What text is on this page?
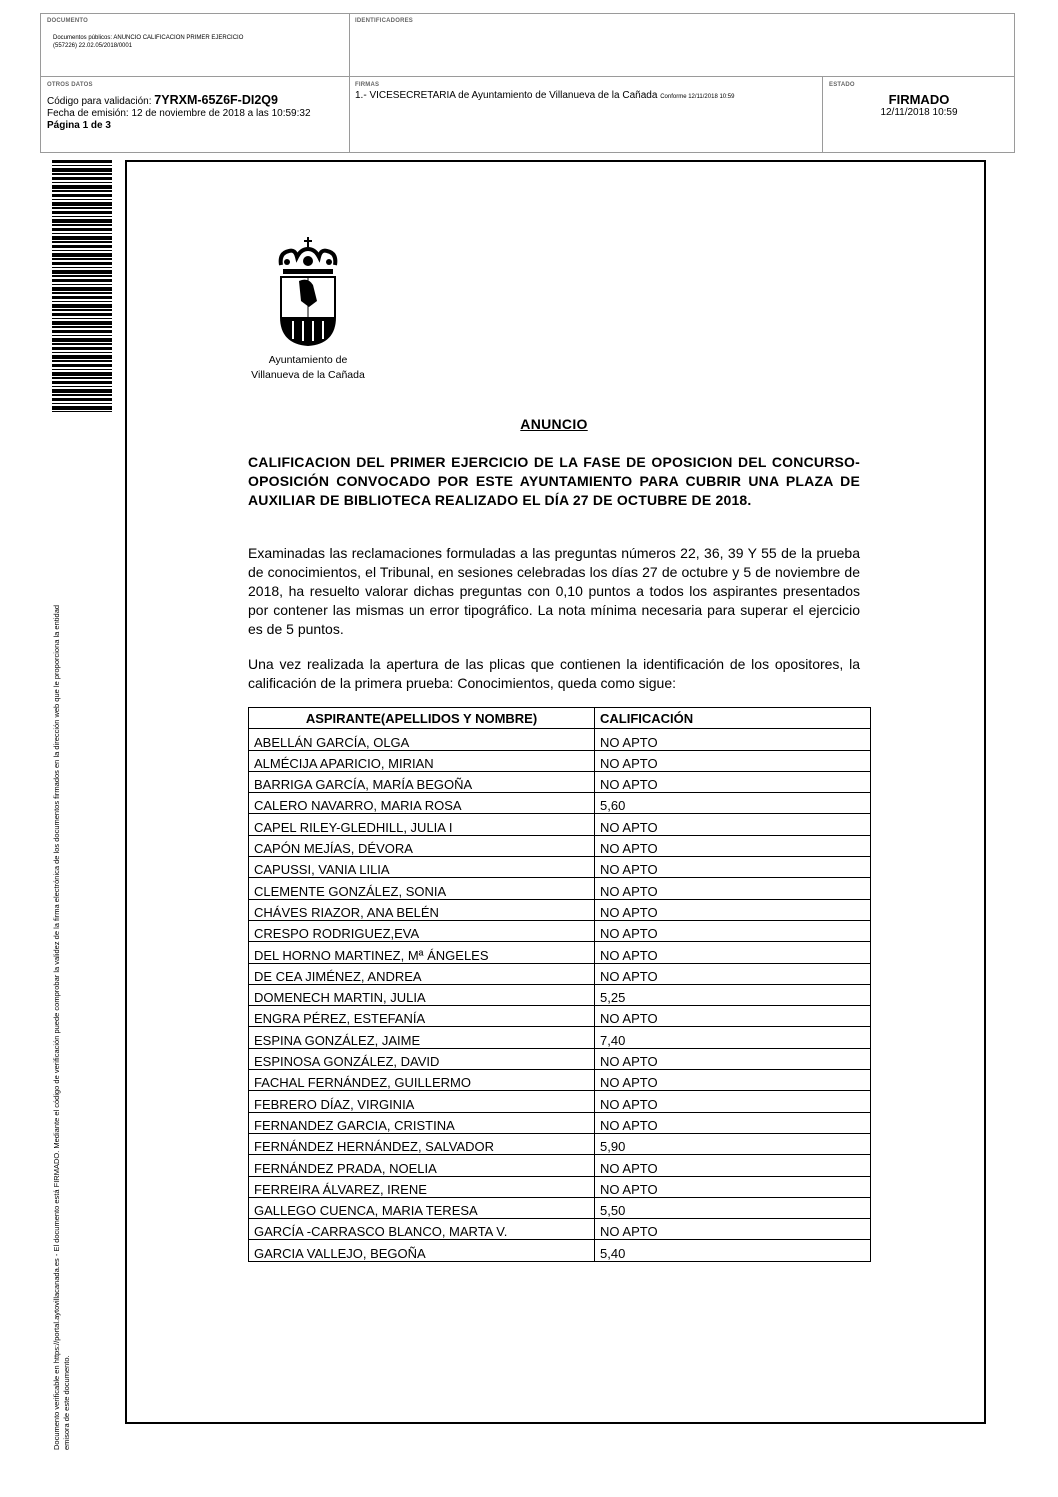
DOCUMENTO
Documentos públicos: ANUNCIO CALIFICACION PRIMER EJERCICIO
(557226) 22.02.05/2018/0001
IDENTIFICADORES
OTROS DATOS
Código para validación: 7YRXM-65Z6F-DI2Q9
Fecha de emisión: 12 de noviembre de 2018 a las 10:59:32
Página 1 de 3
FIRMAS
1.- VICESECRETARIA de Ayuntamiento de Villanueva de la Cañada Conforme 12/11/2018 10:59
ESTADO
FIRMADO
12/11/2018 10:59
Documento verificable en https://portal.aytovillacanada.es - El documento está FIRMADO. Mediante el código de verificación puede comprobar la validez de la firma electrónica de los documentos firmados en la dirección web que le proporciona la entidad emisora de este documento.
Ayuntamiento de
Villanueva de la Cañada
ANUNCIO
CALIFICACION DEL PRIMER EJERCICIO DE LA FASE DE OPOSICION DEL CONCURSO-OPOSICIÓN CONVOCADO POR ESTE AYUNTAMIENTO PARA CUBRIR UNA PLAZA DE AUXILIAR DE BIBLIOTECA REALIZADO EL DÍA 27 DE OCTUBRE DE 2018.
Examinadas las reclamaciones formuladas a las preguntas números 22, 36, 39 Y 55 de la prueba de conocimientos, el Tribunal, en sesiones celebradas los días 27 de octubre y 5 de noviembre de 2018, ha resuelto valorar dichas preguntas con 0,10 puntos a todos los aspirantes presentados por contener las mismas un error tipográfico. La nota mínima necesaria para superar el ejercicio es de 5 puntos.
Una vez realizada la apertura de las plicas que contienen la identificación de los opositores, la calificación de la primera prueba: Conocimientos, queda como sigue:
ASPIRANTE(APELLIDOS Y NOMBRE)	CALIFICACIÓN
ABELLÁN GARCÍA, OLGA	NO APTO
ALMÉCIJA APARICIO, MIRIAN	NO APTO
BARRIGA GARCÍA, MARÍA BEGOÑA	NO APTO
CALERO NAVARRO, MARIA ROSA	5,60
CAPEL RILEY-GLEDHILL, JULIA I	NO APTO
CAPÓN MEJÍAS, DÉVORA	NO APTO
CAPUSSI, VANIA LILIA	NO APTO
CLEMENTE GONZÁLEZ, SONIA	NO APTO
CHÁVES RIAZOR, ANA BELÉN	NO APTO
CRESPO RODRIGUEZ,EVA	NO APTO
DEL HORNO MARTINEZ, Mª ÁNGELES	NO APTO
DE CEA JIMÉNEZ, ANDREA	NO APTO
DOMENECH MARTIN, JULIA	5,25
ENGRA PÉREZ, ESTEFANÍA	NO APTO
ESPINA GONZÁLEZ, JAIME	7,40
ESPINOSA GONZÁLEZ, DAVID	NO APTO
FACHAL FERNÁNDEZ, GUILLERMO	NO APTO
FEBRERO DÍAZ, VIRGINIA	NO APTO
FERNANDEZ GARCIA, CRISTINA	NO APTO
FERNÁNDEZ HERNÁNDEZ, SALVADOR	5,90
FERNÁNDEZ PRADA, NOELIA	NO APTO
FERREIRA ÁLVAREZ, IRENE	NO APTO
GALLEGO CUENCA, MARIA TERESA	5,50
GARCÍA -CARRASCO BLANCO, MARTA V.	NO APTO
GARCIA VALLEJO, BEGOÑA	5,40
